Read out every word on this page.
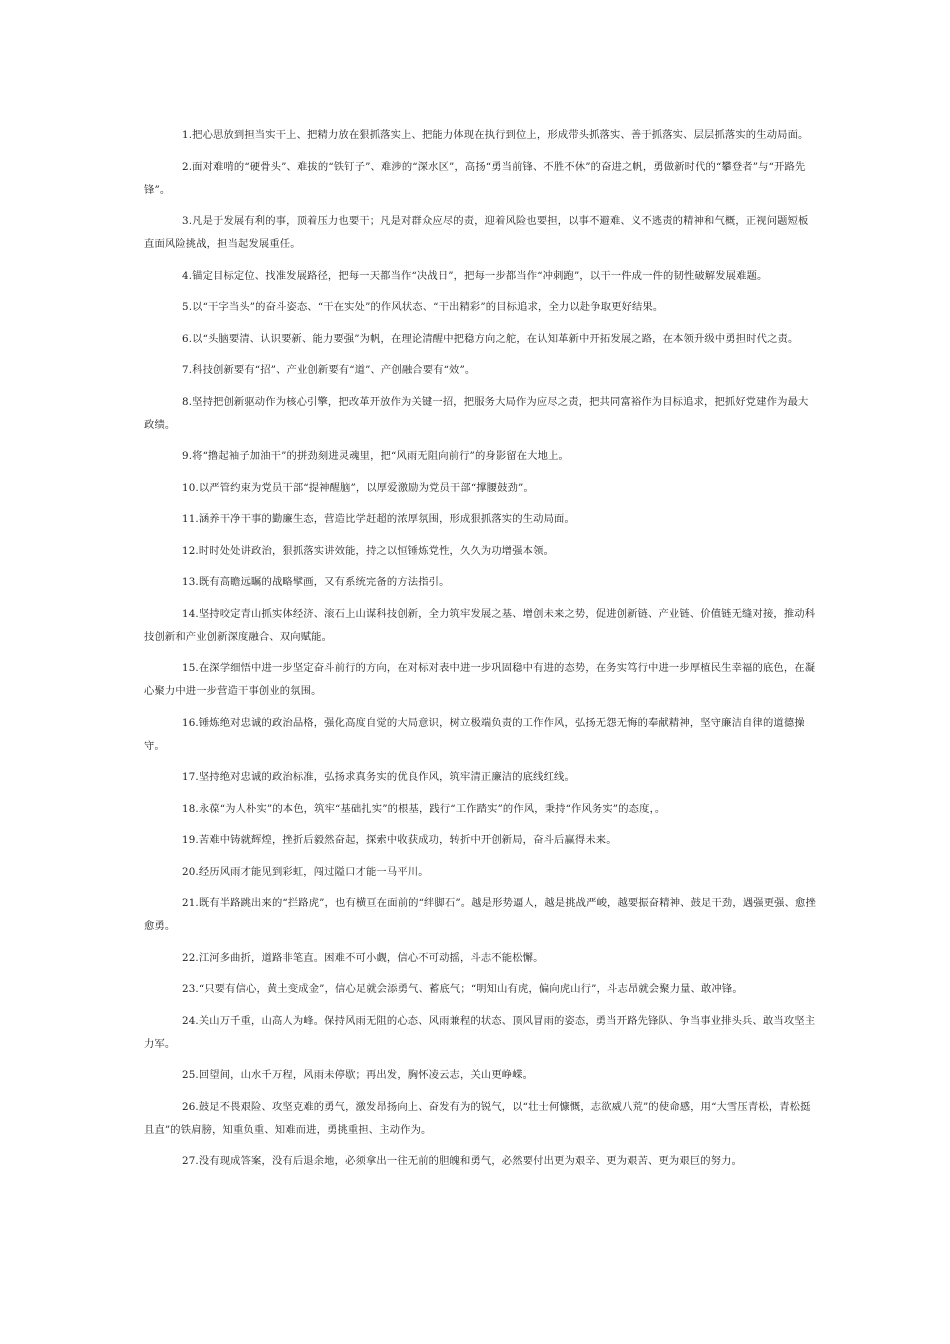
1.把心思放到担当实干上、把精力放在狠抓落实上、把能力体现在执行到位上，形成带头抓落实、善于抓落实、层层抓落实的生动局面。

2.面对难啃的“硬骨头”、难拔的“铁钉子”、难涉的“深水区”，高扬“勇当前锋、不胜不休”的奋进之帆，勇做新时代的“攀登者”与“开路先锋”。

3.凡是于发展有利的事，顶着压力也要干；凡是对群众应尽的责，迎着风险也要担，以事不避难、义不逃责的精神和气概，正视问题短板直面风险挑战，担当起发展重任。

4.锚定目标定位、找准发展路径，把每一天都当作“决战日”，把每一步都当作“冲刺跑”，以干一件成一件的韧性破解发展难题。

5.以“干字当头”的奋斗姿态、“干在实处”的作风状态、“干出精彩”的目标追求，全力以赴争取更好结果。

6.以“头脑要清、认识要新、能力要强”为帆，在理论清醒中把稳方向之舵，在认知革新中开拓发展之路，在本领升级中勇担时代之责。

7.科技创新要有“招”、产业创新要有“道”、产创融合要有“效”。

8.坚持把创新驱动作为核心引擎，把改革开放作为关键一招，把服务大局作为应尽之责，把共同富裕作为目标追求，把抓好党建作为最大政绩。

9.将“撸起袖子加油干”的拼劲刻进灵魂里，把“风雨无阻向前行”的身影留在大地上。

10.以严管约束为党员干部“提神醒脑”，以厚爱激励为党员干部“撑腰鼓劲”。

11.涵养干净干事的勤廉生态，营造比学赶超的浓厚氛围，形成狠抓落实的生动局面。

12.时时处处讲政治，狠抓落实讲效能，持之以恒锤炼党性，久久为功增强本领。

13.既有高瞻远瞩的战略擘画，又有系统完备的方法指引。

14.坚持咬定青山抓实体经济、滚石上山谋科技创新，全力筑牢发展之基、增创未来之势，促进创新链、产业链、价值链无缝对接，推动科技创新和产业创新深度融合、双向赋能。

15.在深学细悟中进一步坚定奋斗前行的方向，在对标对表中进一步巩固稳中有进的态势，在务实笃行中进一步厚植民生幸福的底色，在凝心聚力中进一步营造干事创业的氛围。

16.锤炼绝对忠诚的政治品格，强化高度自觉的大局意识，树立极端负责的工作作风，弘扬无怨无悔的奉献精神，坚守廉洁自律的道德操守。

17.坚持绝对忠诚的政治标准，弘扬求真务实的优良作风，筑牢清正廉洁的底线红线。

18.永葆“为人朴实”的本色，筑牢“基础扎实”的根基，践行“工作踏实”的作风，秉持“作风务实”的态度，。

19.苦难中铸就辉煌，挫折后毅然奋起，探索中收获成功，转折中开创新局，奋斗后赢得未来。

20.经历风雨才能见到彩虹，闯过隘口才能一马平川。

21.既有半路跳出来的“拦路虎”，也有横亘在面前的“绊脚石”。越是形势逼人，越是挑战严峻，越要振奋精神、鼓足干劲，遇强更强、愈挫愈勇。

22.江河多曲折，道路非笔直。困难不可小觑，信心不可动摇，斗志不能松懈。

23.“只要有信心，黄土变成金”，信心足就会添勇气、蓄底气；“明知山有虎，偏向虎山行”，斗志昂就会聚力量、敢冲锋。

24.关山万千重，山高人为峰。保持风雨无阻的心态、风雨兼程的状态、顶风冒雨的姿态，勇当开路先锋队、争当事业排头兵、敢当攻坚主力军。

25.回望间，山水千万程，风雨未停歇；再出发，胸怀凌云志，关山更峥嵘。

26.鼓足不畏艰险、攻坚克难的勇气，激发昂扬向上、奋发有为的锐气，以“壮士何慷慨，志欲威八荒”的使命感，用“大雪压青松，青松挺且直”的铁肩膀，知重负重、知难而进，勇挑重担、主动作为。

27.没有现成答案，没有后退余地，必须拿出一往无前的胆魄和勇气，必然要付出更为艰辛、更为艰苦、更为艰巨的努力。
